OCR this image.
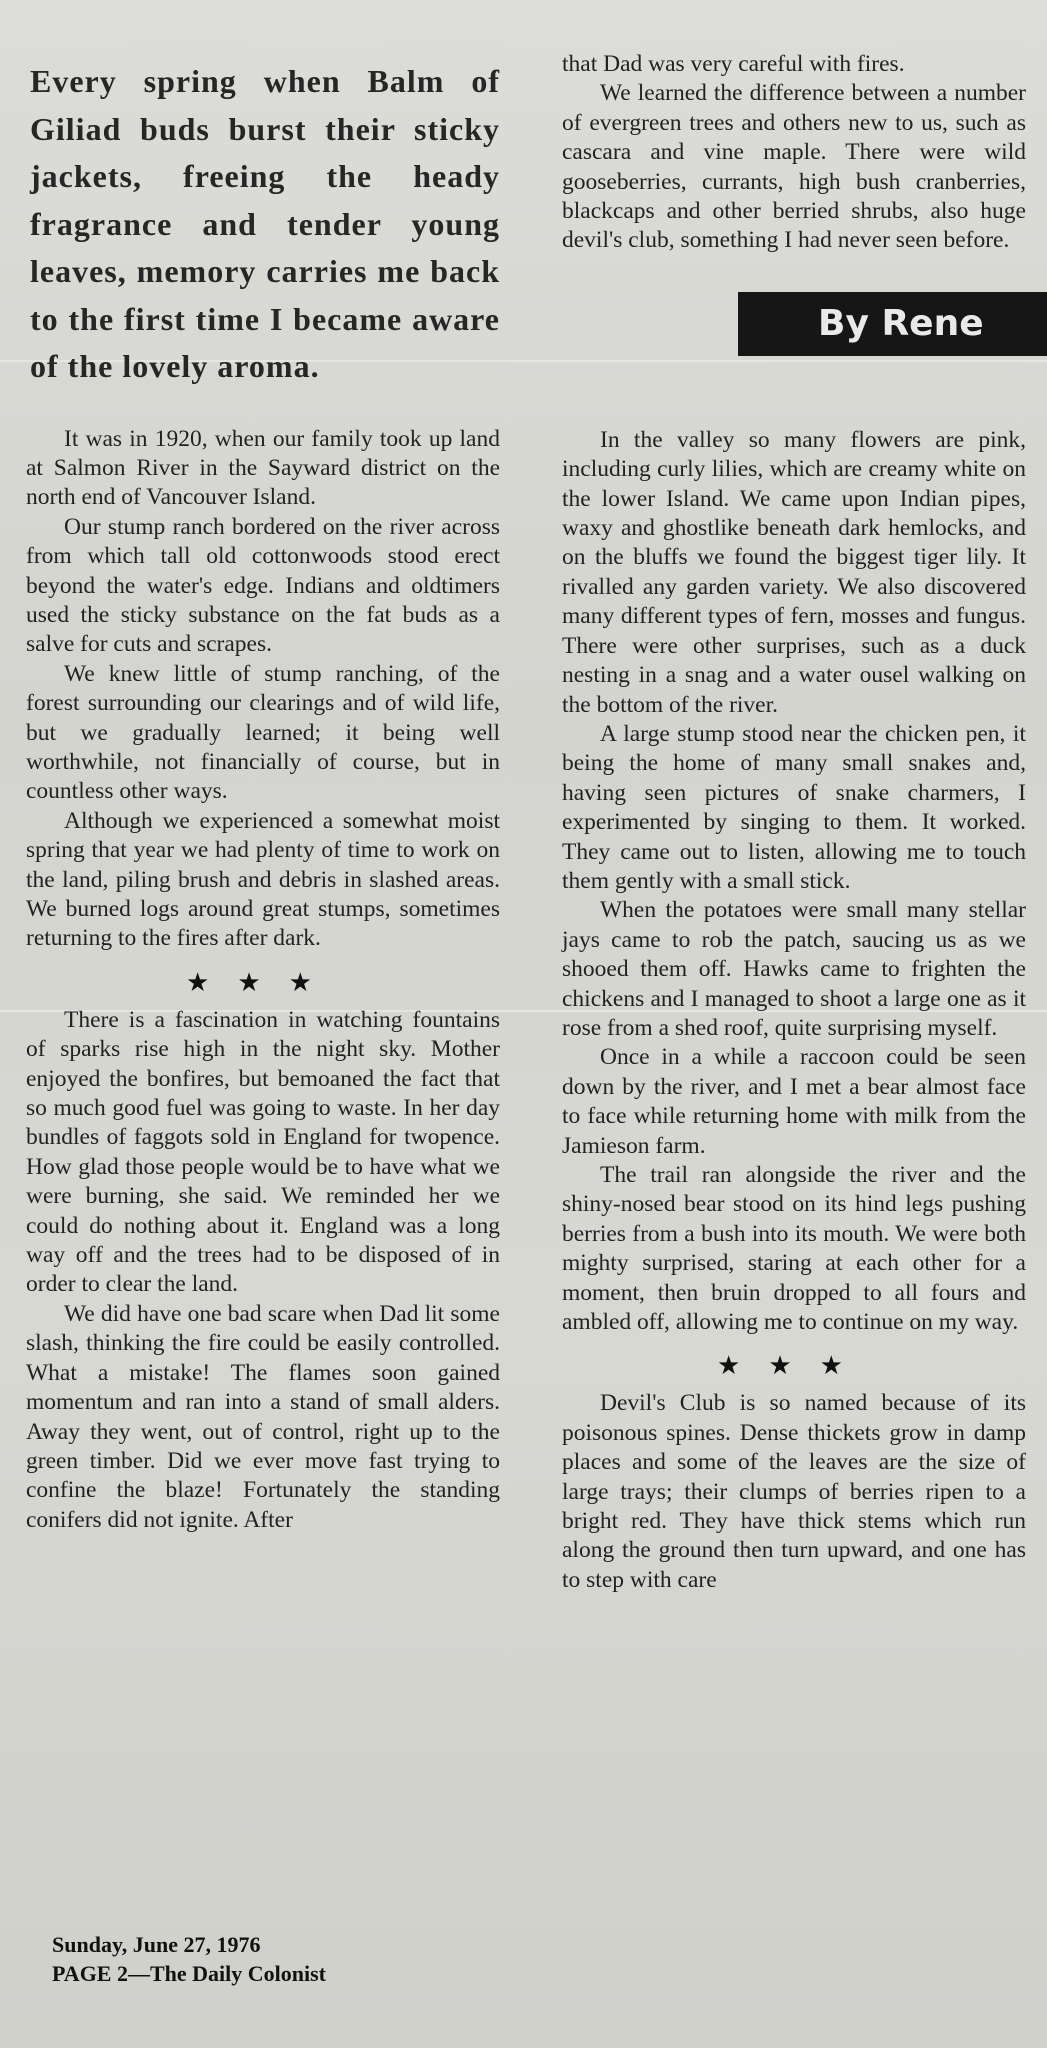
Every spring when Balm of Giliad buds burst their sticky jackets, freeing the heady fragrance and tender young leaves, memory carries me back to the first time I became aware of the lovely aroma.

It was in 1920, when our family took up land at Salmon River in the Sayward district on the north end of Vancouver Island.

Our stump ranch bordered on the river across from which tall old cottonwoods stood erect beyond the water's edge. Indians and oldtimers used the sticky substance on the fat buds as a salve for cuts and scrapes.

We knew little of stump ranching, of the forest surrounding our clearings and of wild life, but we gradually learned; it being well worthwhile, not financially of course, but in countless other ways.

Although we experienced a somewhat moist spring that year we had plenty of time to work on the land, piling brush and debris in slashed areas. We burned logs around great stumps, sometimes returning to the fires after dark.

★★★

There is a fascination in watching fountains of sparks rise high in the night sky. Mother enjoyed the bonfires, but bemoaned the fact that so much good fuel was going to waste. In her day bundles of faggots sold in England for twopence. How glad those people would be to have what we were burning, she said. We reminded her we could do nothing about it. England was a long way off and the trees had to be disposed of in order to clear the land.

We did have one bad scare when Dad lit some slash, thinking the fire could be easily controlled. What a mistake! The flames soon gained momentum and ran into a stand of small alders. Away they went, out of control, right up to the green timber. Did we ever move fast trying to confine the blaze! Fortunately the standing conifers did not ignite. After

that Dad was very careful with fires.

We learned the difference between a number of evergreen trees and others new to us, such as cascara and vine maple. There were wild gooseberries, currants, high bush cranberries, blackcaps and other berried shrubs, also huge devil's club, something I had never seen before.

By Rene

In the valley so many flowers are pink, including curly lilies, which are creamy white on the lower Island. We came upon Indian pipes, waxy and ghostlike beneath dark hemlocks, and on the bluffs we found the biggest tiger lily. It rivalled any garden variety. We also discovered many different types of fern, mosses and fungus. There were other surprises, such as a duck nesting in a snag and a water ousel walking on the bottom of the river.

A large stump stood near the chicken pen, it being the home of many small snakes and, having seen pictures of snake charmers, I experimented by singing to them. It worked. They came out to listen, allowing me to touch them gently with a small stick.

When the potatoes were small many stellar jays came to rob the patch, saucing us as we shooed them off. Hawks came to frighten the chickens and I managed to shoot a large one as it rose from a shed roof, quite surprising myself.

Once in a while a raccoon could be seen down by the river, and I met a bear almost face to face while returning home with milk from the Jamieson farm.

The trail ran alongside the river and the shiny-nosed bear stood on its hind legs pushing berries from a bush into its mouth. We were both mighty surprised, staring at each other for a moment, then bruin dropped to all fours and ambled off, allowing me to continue on my way.

★★★

Devil's Club is so named because of its poisonous spines. Dense thickets grow in damp places and some of the leaves are the size of large trays; their clumps of berries ripen to a bright red. They have thick stems which run along the ground then turn upward, and one has to step with care

Sunday, June 27, 1976
PAGE 2—The Daily Colonist
